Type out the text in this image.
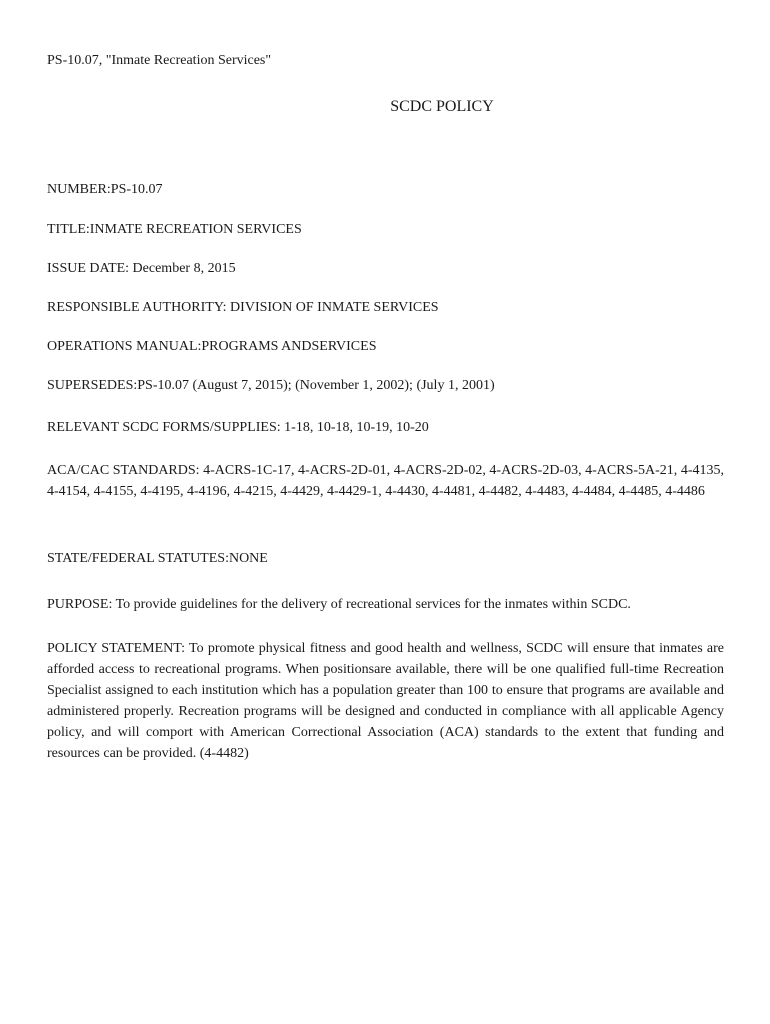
PS-10.07, "Inmate Recreation Services"
SCDC POLICY
NUMBER:PS-10.07
TITLE:INMATE RECREATION SERVICES
ISSUE DATE: December 8, 2015
RESPONSIBLE AUTHORITY: DIVISION OF INMATE SERVICES
OPERATIONS MANUAL:PROGRAMS ANDSERVICES
SUPERSEDES:PS-10.07 (August 7, 2015); (November 1, 2002); (July 1, 2001)
RELEVANT SCDC FORMS/SUPPLIES: 1-18, 10-18, 10-19, 10-20
ACA/CAC STANDARDS: 4-ACRS-1C-17, 4-ACRS-2D-01, 4-ACRS-2D-02, 4-ACRS-2D-03, 4-ACRS-5A-21, 4-4135, 4-4154, 4-4155, 4-4195, 4-4196, 4-4215, 4-4429, 4-4429-1, 4-4430, 4-4481, 4-4482, 4-4483, 4-4484, 4-4485, 4-4486
STATE/FEDERAL STATUTES:NONE
PURPOSE: To provide guidelines for the delivery of recreational services for the inmates within SCDC.
POLICY STATEMENT: To promote physical fitness and good health and wellness, SCDC will ensure that inmates are afforded access to recreational programs. When positionsare available, there will be one qualified full-time Recreation Specialist assigned to each institution which has a population greater than 100 to ensure that programs are available and administered properly. Recreation programs will be designed and conducted in compliance with all applicable Agency policy, and will comport with American Correctional Association (ACA) standards to the extent that funding and resources can be provided. (4-4482)
